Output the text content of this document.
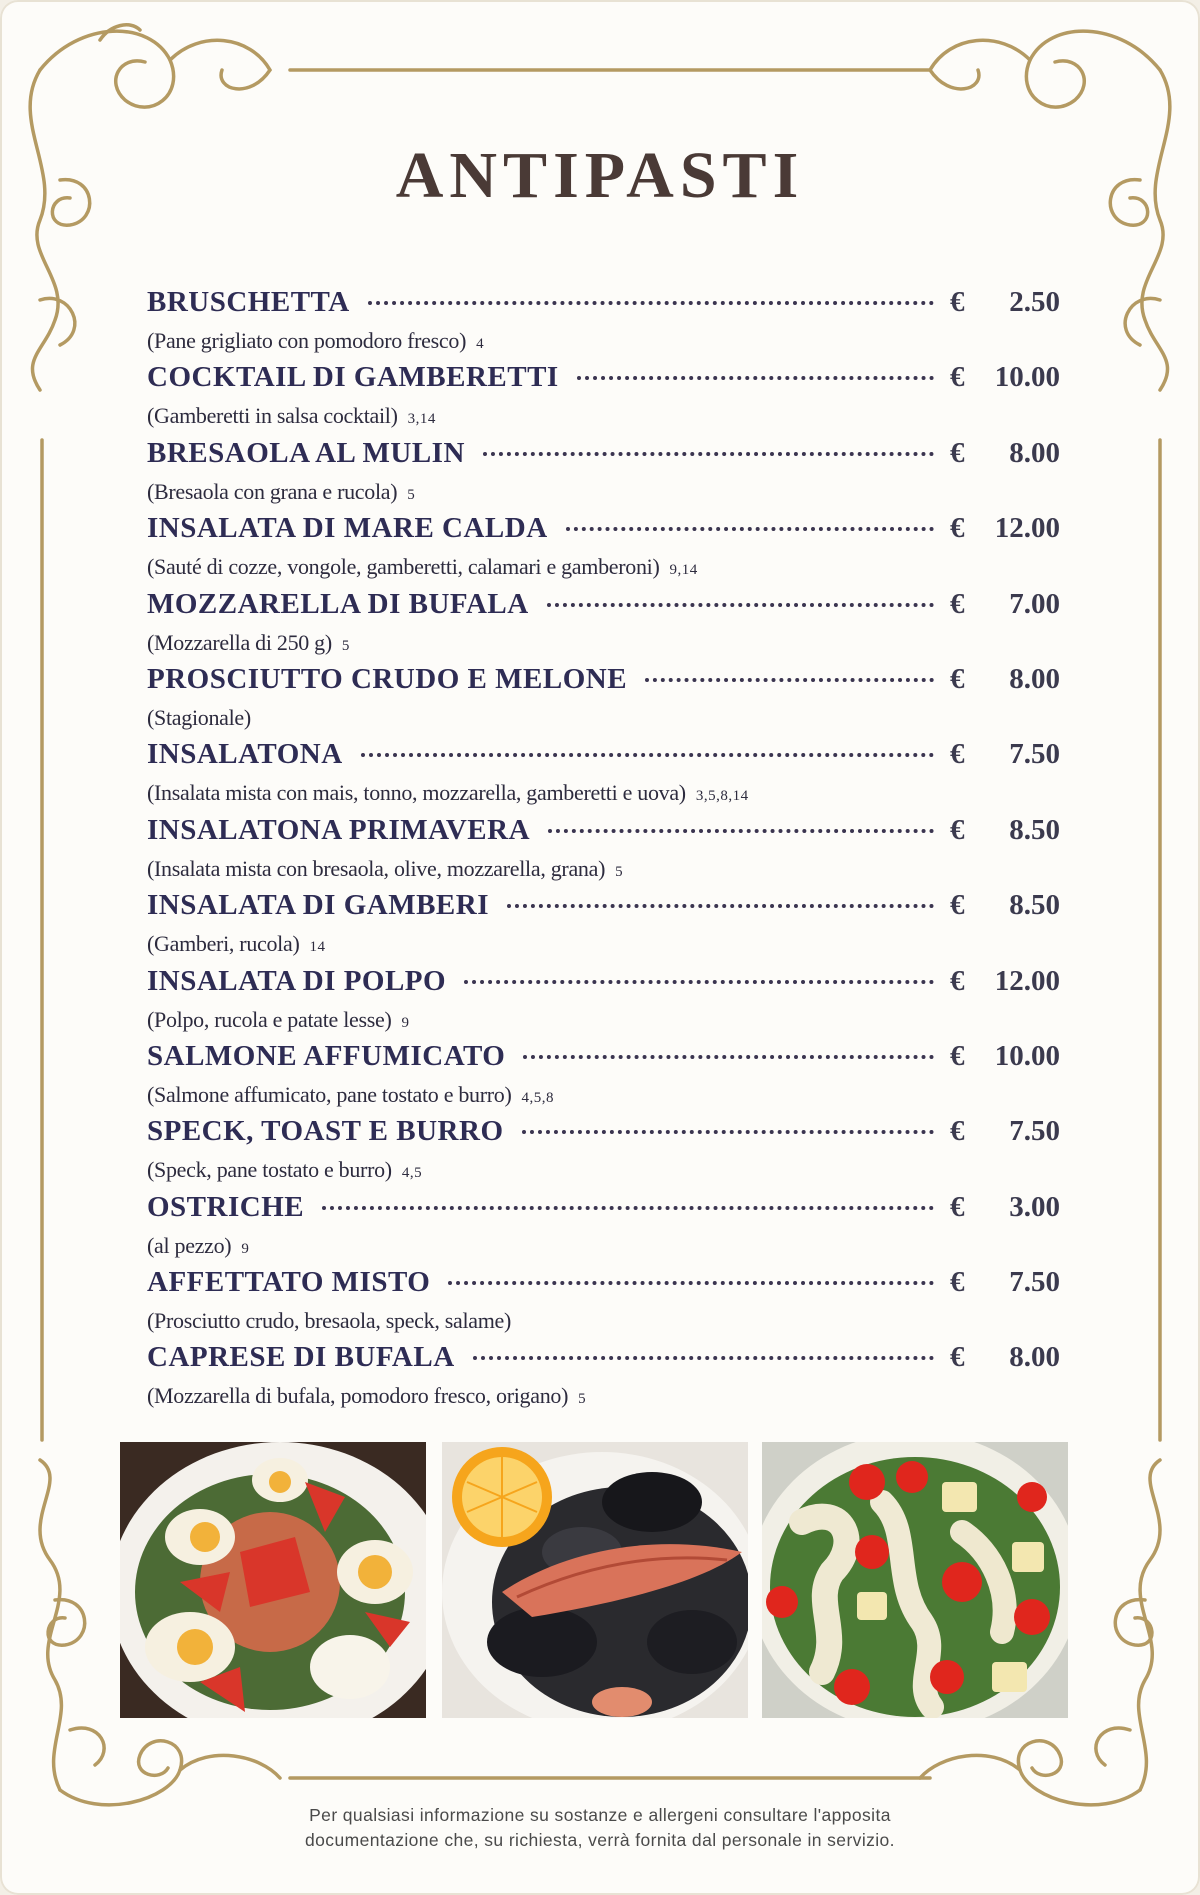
ANTIPASTI
BRUSCHETTA	€ 2.50
(Pane grigliato con pomodoro fresco) 4
COCKTAIL DI GAMBERETTI	€ 10.00
(Gamberetti in salsa cocktail) 3,14
BRESAOLA AL MULIN	€ 8.00
(Bresaola con grana e rucola) 5
INSALATA DI MARE CALDA	€ 12.00
(Sauté di cozze, vongole, gamberetti, calamari e gamberoni) 9,14
MOZZARELLA DI BUFALA	€ 7.00
(Mozzarella di 250 g) 5
PROSCIUTTO CRUDO E MELONE	€ 8.00
(Stagionale)
INSALATONA	€ 7.50
(Insalata mista con mais, tonno, mozzarella, gamberetti e uova) 3,5,8,14
INSALATONA PRIMAVERA	€ 8.50
(Insalata mista con bresaola, olive, mozzarella, grana) 5
INSALATA DI GAMBERI	€ 8.50
(Gamberi, rucola) 14
INSALATA DI POLPO	€ 12.00
(Polpo, rucola e patate lesse) 9
SALMONE AFFUMICATO	€ 10.00
(Salmone affumicato, pane tostato e burro) 4,5,8
SPECK, TOAST E BURRO	€ 7.50
(Speck, pane tostato e burro) 4,5
OSTRICHE	€ 3.00
(al pezzo) 9
AFFETTATO MISTO	€ 7.50
(Prosciutto crudo, bresaola, speck, salame)
CAPRESE DI BUFALA	€ 8.00
(Mozzarella di bufala, pomodoro fresco, origano) 5
Per qualsiasi informazione su sostanze e allergeni consultare l'apposita
documentazione che, su richiesta, verrà fornita dal personale in servizio.
